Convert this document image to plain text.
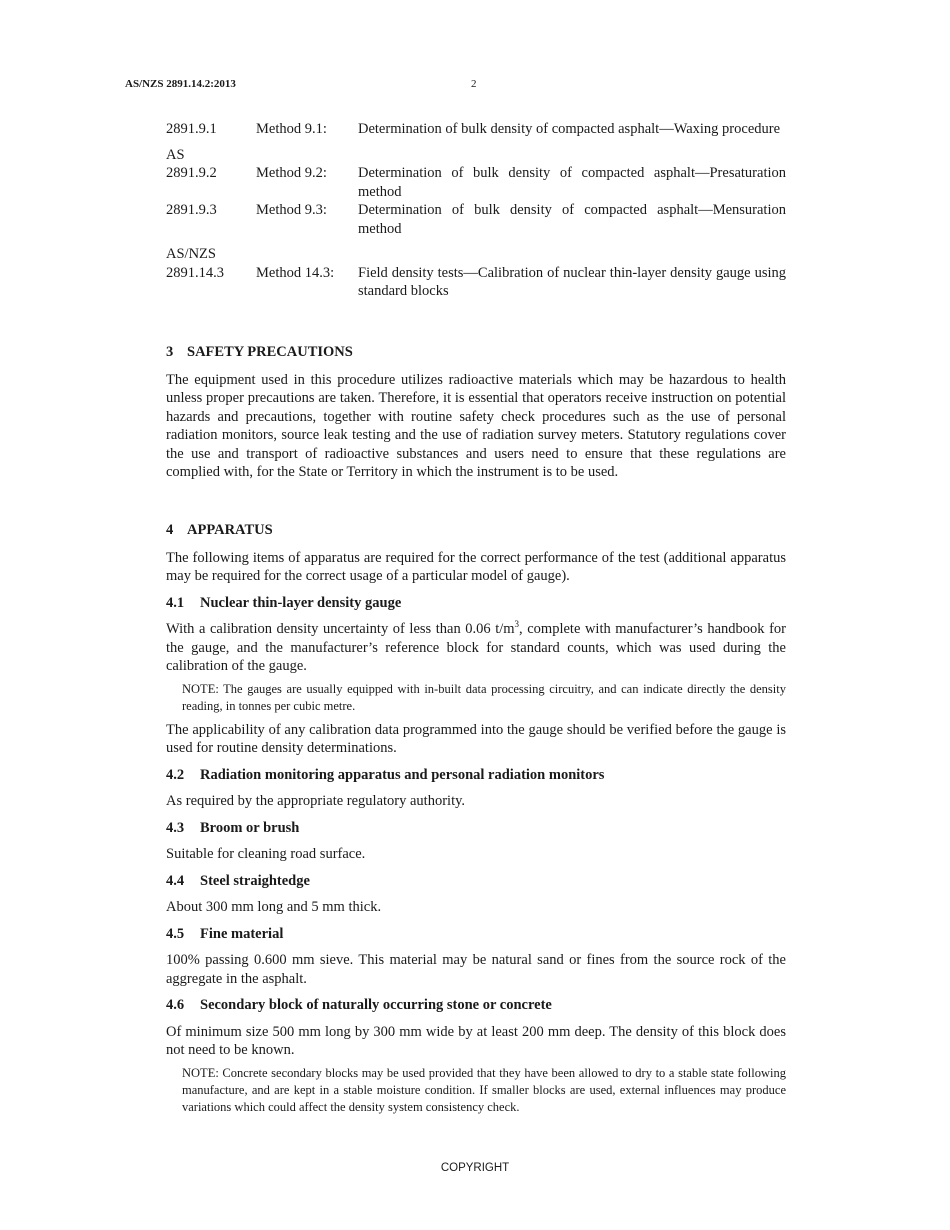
AS/NZS 2891.14.2:2013	2
2891.9.1	Method 9.1:	Determination of bulk density of compacted asphalt—Waxing procedure
AS
2891.9.2	Method 9.2:	Determination of bulk density of compacted asphalt—Presaturation method
2891.9.3	Method 9.3:	Determination of bulk density of compacted asphalt—Mensuration method
AS/NZS
2891.14.3	Method 14.3:	Field density tests—Calibration of nuclear thin-layer density gauge using standard blocks
3 SAFETY PRECAUTIONS

The equipment used in this procedure utilizes radioactive materials which may be hazardous to health unless proper precautions are taken. Therefore, it is essential that operators receive instruction on potential hazards and precautions, together with routine safety check procedures such as the use of personal radiation monitors, source leak testing and the use of radiation survey meters. Statutory regulations cover the use and transport of radioactive substances and users need to ensure that these regulations are complied with, for the State or Territory in which the instrument is to be used.

4 APPARATUS

The following items of apparatus are required for the correct performance of the test (additional apparatus may be required for the correct usage of a particular model of gauge).

4.1 Nuclear thin-layer density gauge

With a calibration density uncertainty of less than 0.06 $t/m^3$, complete with manufacturer’s handbook for the gauge, and the manufacturer’s reference block for standard counts, which was used during the calibration of the gauge.

NOTE: The gauges are usually equipped with in-built data processing circuitry, and can indicate directly the density reading, in tonnes per cubic metre.

The applicability of any calibration data programmed into the gauge should be verified before the gauge is used for routine density determinations.

4.2 Radiation monitoring apparatus and personal radiation monitors

As required by the appropriate regulatory authority.

4.3 Broom or brush

Suitable for cleaning road surface.

4.4 Steel straightedge

About 300 mm long and 5 mm thick.

4.5 Fine material

100% passing 0.600 mm sieve. This material may be natural sand or fines from the source rock of the aggregate in the asphalt.

4.6 Secondary block of naturally occurring stone or concrete

Of minimum size 500 mm long by 300 mm wide by at least 200 mm deep. The density of this block does not need to be known.

NOTE: Concrete secondary blocks may be used provided that they have been allowed to dry to a stable state following manufacture, and are kept in a stable moisture condition. If smaller blocks are used, external influences may produce variations which could affect the density system consistency check.

COPYRIGHT
